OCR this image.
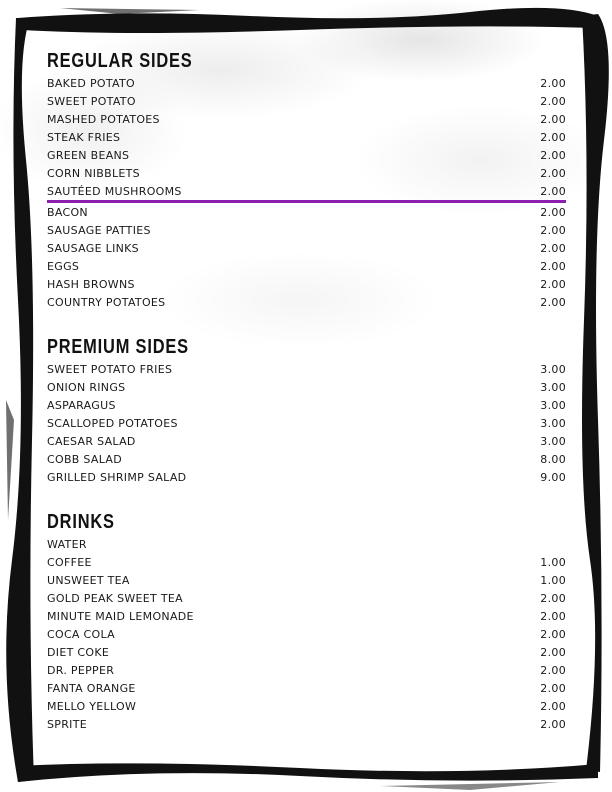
REGULAR SIDES
BAKED POTATO	2.00
SWEET POTATO	2.00
MASHED POTATOES	2.00
STEAK FRIES	2.00
GREEN BEANS	2.00
CORN NIBBLETS	2.00
SAUTÉED MUSHROOMS	2.00
BACON	2.00
SAUSAGE PATTIES	2.00
SAUSAGE LINKS	2.00
EGGS	2.00
HASH BROWNS	2.00
COUNTRY POTATOES	2.00
PREMIUM SIDES
SWEET POTATO FRIES	3.00
ONION RINGS	3.00
ASPARAGUS	3.00
SCALLOPED POTATOES	3.00
CAESAR SALAD	3.00
COBB SALAD	8.00
GRILLED SHRIMP SALAD	9.00
DRINKS
WATER
COFFEE	1.00
UNSWEET TEA	1.00
GOLD PEAK SWEET TEA	2.00
MINUTE MAID LEMONADE	2.00
COCA COLA	2.00
DIET COKE	2.00
DR. PEPPER	2.00
FANTA ORANGE	2.00
MELLO YELLOW	2.00
SPRITE	2.00
